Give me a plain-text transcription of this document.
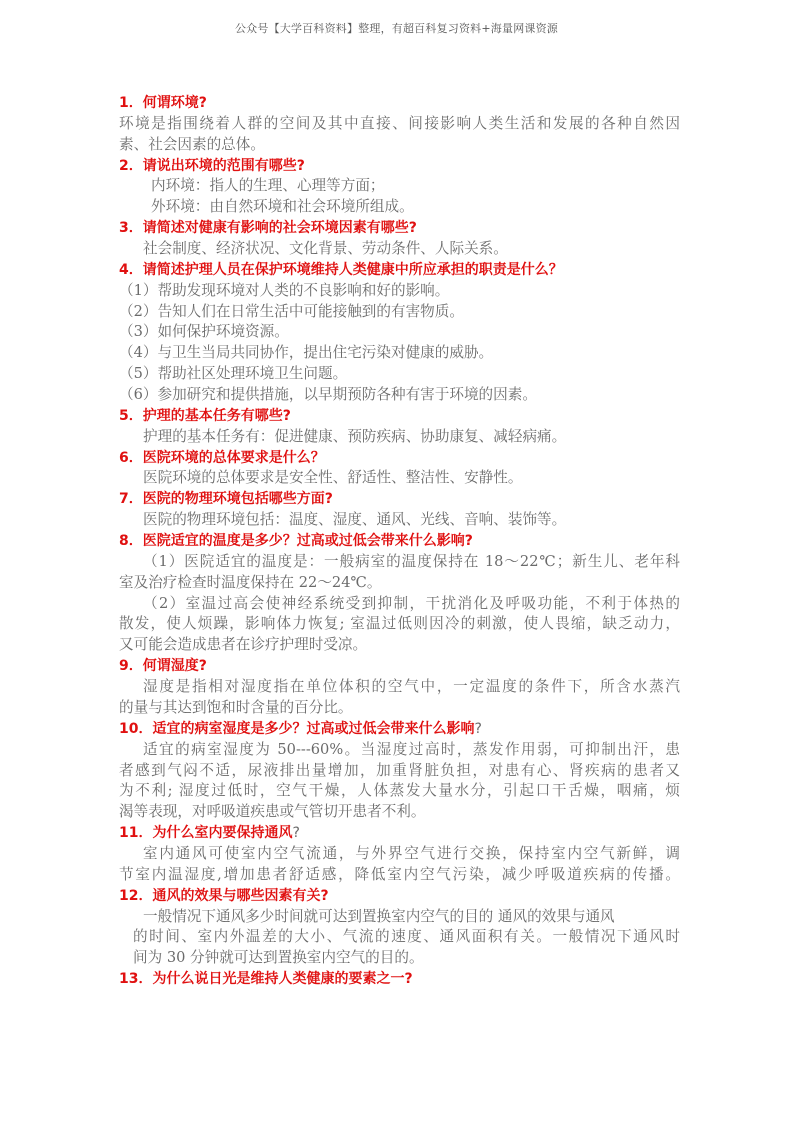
公众号【大学百科资料】整理，有超百科复习资料+海量网课资源
1．何谓环境?
环境是指围绕着人群的空间及其中直接、间接影响人类生活和发展的各种自然因
素、社会因素的总体。
2．请说出环境的范围有哪些?
内环境：指人的生理、心理等方面；
外环境：由自然环境和社会环境所组成。
3．请简述对健康有影响的社会环境因素有哪些?
社会制度、经济状况、文化背景、劳动条件、人际关系。
4．请简述护理人员在保护环境维持人类健康中所应承担的职责是什么？
（1）帮助发现环境对人类的不良影响和好的影响。
（2）告知人们在日常生活中可能接触到的有害物质。
（3）如何保护环境资源。
（4）与卫生当局共同协作，提出住宅污染对健康的威胁。
（5）帮助社区处理环境卫生问题。
（6）参加研究和提供措施，以早期预防各种有害于环境的因素。
5．护理的基本任务有哪些?
护理的基本任务有：促进健康、预防疾病、协助康复、减轻病痛。
6．医院环境的总体要求是什么？
医院环境的总体要求是安全性、舒适性、整洁性、安静性。
7．医院的物理环境包括哪些方面?
医院的物理环境包括：温度、湿度、通风、光线、音响、装饰等。
8．医院适宜的温度是多少？过高或过低会带来什么影响?
（1）医院适宜的温度是：一般病室的温度保持在 18～22℃；新生儿、老年科
室及治疗检查时温度保持在 22～24℃。
（2）室温过高会使神经系统受到抑制，干扰消化及呼吸功能，不利于体热的
散发，使人烦躁，影响体力恢复; 室温过低则因冷的刺激，使人畏缩，缺乏动力，
又可能会造成患者在诊疗护理时受凉。
9．何谓湿度?
湿度是指相对湿度指在单位体积的空气中，一定温度的条件下，所含水蒸汽
的量与其达到饱和时含量的百分比。
10．适宜的病室湿度是多少？过高或过低会带来什么影响?
适宜的病室湿度为 50---60%。当湿度过高时，蒸发作用弱，可抑制出汗，患
者感到气闷不适，尿液排出量增加，加重肾脏负担，对患有心、肾疾病的患者又
为不利; 湿度过低时，空气干燥，人体蒸发大量水分，引起口干舌燥，咽痛，烦
渴等表现，对呼吸道疾患或气管切开患者不利。
11．为什么室内要保持通风?
室内通风可使室内空气流通，与外界空气进行交换，保持室内空气新鲜，调
节室内温湿度,增加患者舒适感，降低室内空气污染，减少呼吸道疾病的传播。
12．通风的效果与哪些因素有关?
一般情况下通风多少时间就可达到置换室内空气的目的 通风的效果与通风
的时间、室内外温差的大小、气流的速度、通风面积有关。一般情况下通风时
间为 30 分钟就可达到置换室内空气的目的。
13．为什么说日光是维持人类健康的要素之一?
